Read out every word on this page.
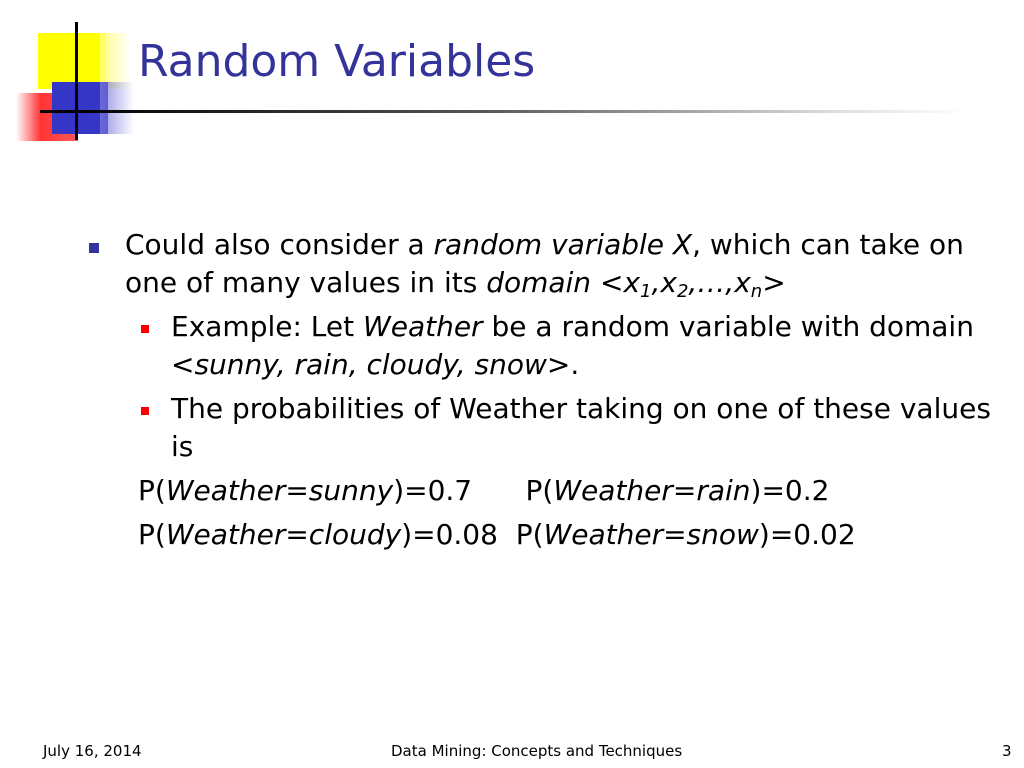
Random Variables
Could also consider a random variable X, which can take on one of many values in its domain $<x_1,x_2,\dots,x_n>$
Example: Let Weather be a random variable with domain <sunny, rain, cloudy, snow>.
The probabilities of Weather taking on one of these values is
P(Weather=sunny)=0.7 P(Weather=rain)=0.2
P(Weather=cloudy)=0.08 P(Weather=snow)=0.02
July 16, 2014	Data Mining: Concepts and Techniques	3
